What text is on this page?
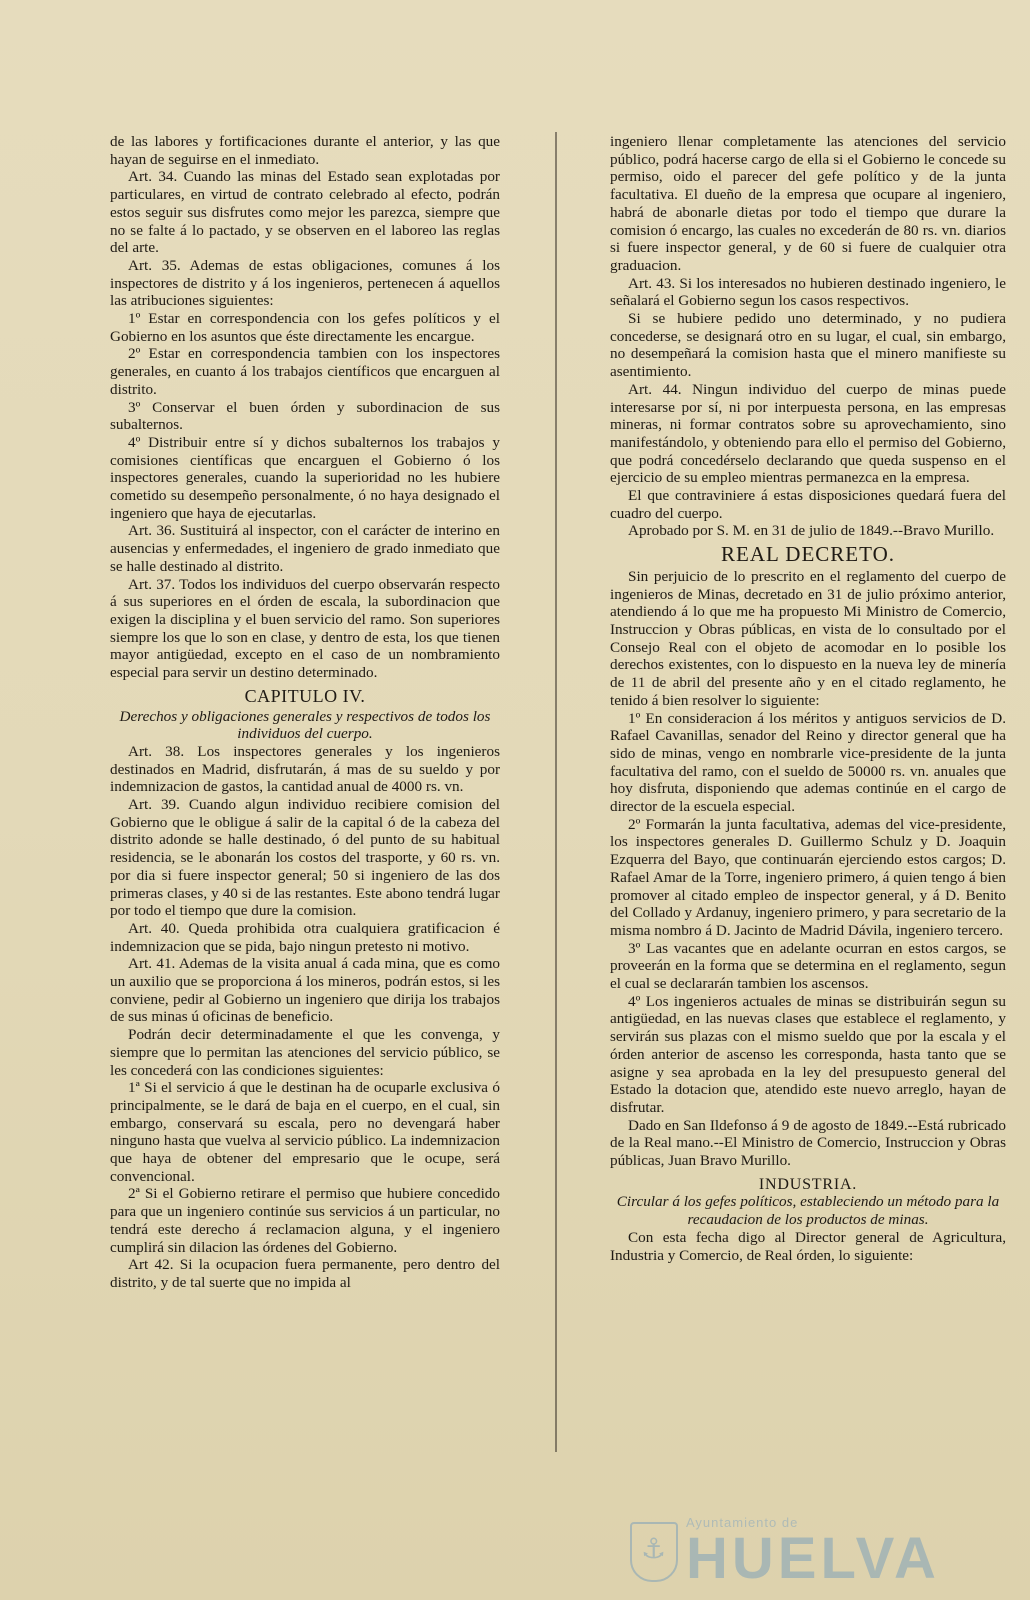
de las labores y fortificaciones durante el anterior, y las que hayan de seguirse en el inmediato.

Art. 34. Cuando las minas del Estado sean explotadas por particulares, en virtud de contrato celebrado al efecto, podrán estos seguir sus disfrutes como mejor les parezca, siempre que no se falte á lo pactado, y se observen en el laboreo las reglas del arte.

Art. 35. Ademas de estas obligaciones, comunes á los inspectores de distrito y á los ingenieros, pertenecen á aquellos las atribuciones siguientes:

1º Estar en correspondencia con los gefes políticos y el Gobierno en los asuntos que éste directamente les encargue.

2º Estar en correspondencia tambien con los inspectores generales, en cuanto á los trabajos científicos que encarguen al distrito.

3º Conservar el buen órden y subordinacion de sus subalternos.

4º Distribuir entre sí y dichos subalternos los trabajos y comisiones científicas que encarguen el Gobierno ó los inspectores generales, cuando la superioridad no les hubiere cometido su desempeño personalmente, ó no haya designado el ingeniero que haya de ejecutarlas.

Art. 36. Sustituirá al inspector, con el carácter de interino en ausencias y enfermedades, el ingeniero de grado inmediato que se halle destinado al distrito.

Art. 37. Todos los individuos del cuerpo observarán respecto á sus superiores en el órden de escala, la subordinacion que exigen la disciplina y el buen servicio del ramo. Son superiores siempre los que lo son en clase, y dentro de esta, los que tienen mayor antigüedad, excepto en el caso de un nombramiento especial para servir un destino determinado.

CAPITULO IV.

Derechos y obligaciones generales y respectivos de todos los individuos del cuerpo.

Art. 38. Los inspectores generales y los ingenieros destinados en Madrid, disfrutarán, á mas de su sueldo y por indemnizacion de gastos, la cantidad anual de 4000 rs. vn.

Art. 39. Cuando algun individuo recibiere comision del Gobierno que le obligue á salir de la capital ó de la cabeza del distrito adonde se halle destinado, ó del punto de su habitual residencia, se le abonarán los costos del trasporte, y 60 rs. vn. por dia si fuere inspector general; 50 si ingeniero de las dos primeras clases, y 40 si de las restantes. Este abono tendrá lugar por todo el tiempo que dure la comision.

Art. 40. Queda prohibida otra cualquiera gratificacion é indemnizacion que se pida, bajo ningun pretesto ni motivo.

Art. 41. Ademas de la visita anual á cada mina, que es como un auxilio que se proporciona á los mineros, podrán estos, si les conviene, pedir al Gobierno un ingeniero que dirija los trabajos de sus minas ú oficinas de beneficio.

Podrán decir determinadamente el que les convenga, y siempre que lo permitan las atenciones del servicio público, se les concederá con las condiciones siguientes:

1ª Si el servicio á que le destinan ha de ocuparle exclusiva ó principalmente, se le dará de baja en el cuerpo, en el cual, sin embargo, conservará su escala, pero no devengará haber ninguno hasta que vuelva al servicio público. La indemnizacion que haya de obtener del empresario que le ocupe, será convencional.

2ª Si el Gobierno retirare el permiso que hubiere concedido para que un ingeniero continúe sus servicios á un particular, no tendrá este derecho á reclamacion alguna, y el ingeniero cumplirá sin dilacion las órdenes del Gobierno.

Art 42. Si la ocupacion fuera permanente, pero dentro del distrito, y de tal suerte que no impida al

ingeniero llenar completamente las atenciones del servicio público, podrá hacerse cargo de ella si el Gobierno le concede su permiso, oido el parecer del gefe político y de la junta facultativa. El dueño de la empresa que ocupare al ingeniero, habrá de abonarle dietas por todo el tiempo que durare la comision ó encargo, las cuales no excederán de 80 rs. vn. diarios si fuere inspector general, y de 60 si fuere de cualquier otra graduacion.

Art. 43. Si los interesados no hubieren destinado ingeniero, le señalará el Gobierno segun los casos respectivos.

Si se hubiere pedido uno determinado, y no pudiera concederse, se designará otro en su lugar, el cual, sin embargo, no desempeñará la comision hasta que el minero manifieste su asentimiento.

Art. 44. Ningun individuo del cuerpo de minas puede interesarse por sí, ni por interpuesta persona, en las empresas mineras, ni formar contratos sobre su aprovechamiento, sino manifestándolo, y obteniendo para ello el permiso del Gobierno, que podrá concedérselo declarando que queda suspenso en el ejercicio de su empleo mientras permanezca en la empresa.

El que contraviniere á estas disposiciones quedará fuera del cuadro del cuerpo.

Aprobado por S. M. en 31 de julio de 1849.--Bravo Murillo.

REAL DECRETO.

Sin perjuicio de lo prescrito en el reglamento del cuerpo de ingenieros de Minas, decretado en 31 de julio próximo anterior, atendiendo á lo que me ha propuesto Mi Ministro de Comercio, Instruccion y Obras públicas, en vista de lo consultado por el Consejo Real con el objeto de acomodar en lo posible los derechos existentes, con lo dispuesto en la nueva ley de minería de 11 de abril del presente año y en el citado reglamento, he tenido á bien resolver lo siguiente:

1º En consideracion á los méritos y antiguos servicios de D. Rafael Cavanillas, senador del Reino y director general que ha sido de minas, vengo en nombrarle vice-presidente de la junta facultativa del ramo, con el sueldo de 50000 rs. vn. anuales que hoy disfruta, disponiendo que ademas continúe en el cargo de director de la escuela especial.

2º Formarán la junta facultativa, ademas del vice-presidente, los inspectores generales D. Guillermo Schulz y D. Joaquin Ezquerra del Bayo, que continuarán ejerciendo estos cargos; D. Rafael Amar de la Torre, ingeniero primero, á quien tengo á bien promover al citado empleo de inspector general, y á D. Benito del Collado y Ardanuy, ingeniero primero, y para secretario de la misma nombro á D. Jacinto de Madrid Dávila, ingeniero tercero.

3º Las vacantes que en adelante ocurran en estos cargos, se proveerán en la forma que se determina en el reglamento, segun el cual se declararán tambien los ascensos.

4º Los ingenieros actuales de minas se distribuirán segun su antigüedad, en las nuevas clases que establece el reglamento, y servirán sus plazas con el mismo sueldo que por la escala y el órden anterior de ascenso les corresponda, hasta tanto que se asigne y sea aprobada en la ley del presupuesto general del Estado la dotacion que, atendido este nuevo arreglo, hayan de disfrutar.

Dado en San Ildefonso á 9 de agosto de 1849.--Está rubricado de la Real mano.--El Ministro de Comercio, Instruccion y Obras públicas, Juan Bravo Murillo.

INDUSTRIA.

Circular á los gefes políticos, estableciendo un método para la recaudacion de los productos de minas.

Con esta fecha digo al Director general de Agricultura, Industria y Comercio, de Real órden, lo siguiente:

⚓
Ayuntamiento de
HUELVA
